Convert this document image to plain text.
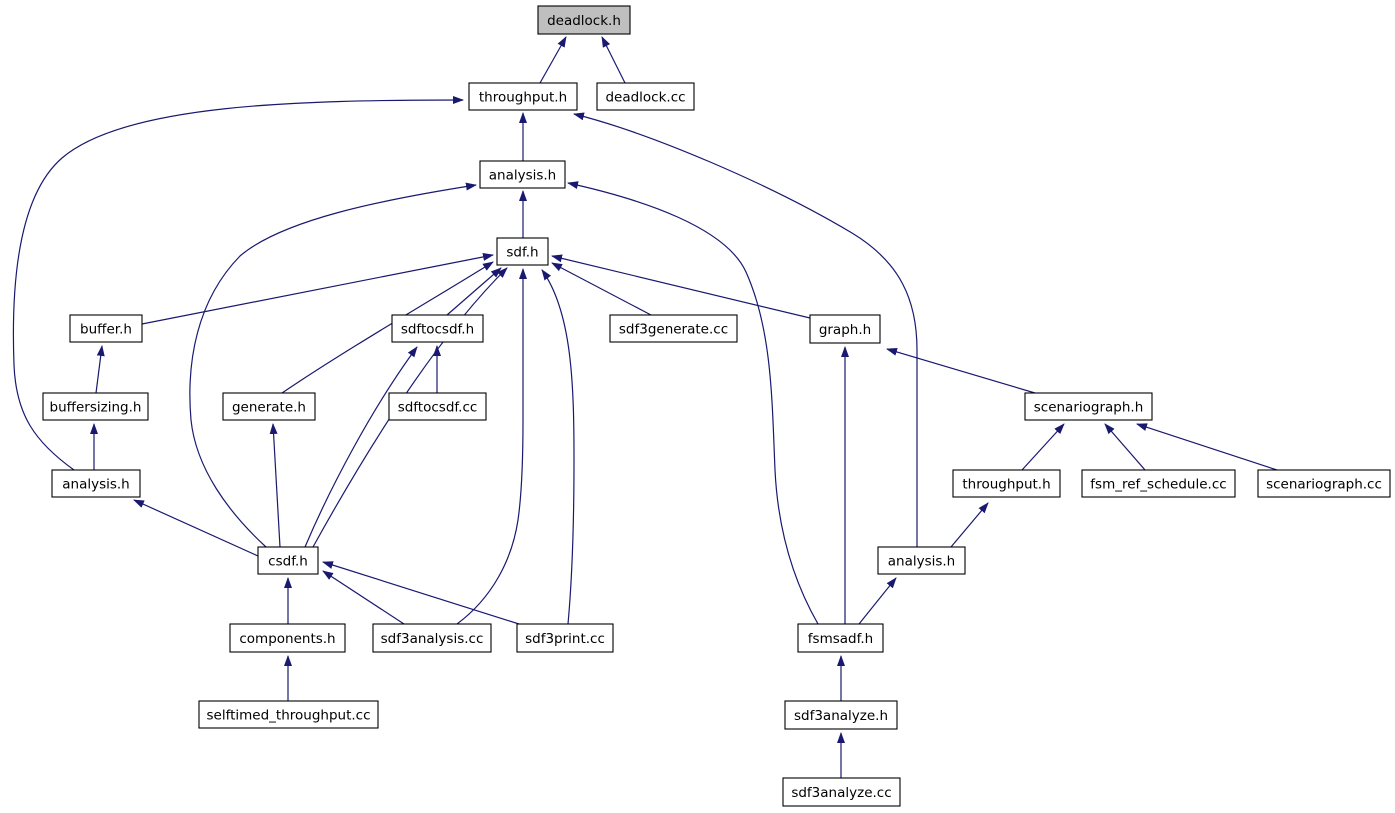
deadlock.h
throughput.h	deadlock.cc
analysis.h
sdf.h
buffer.h	sdftocsdf.h	sdf3generate.cc	graph.h
buffersizing.h	generate.h	sdftocsdf.cc	scenariograph.h
analysis.h	throughput.h	fsm_ref_schedule.cc	scenariograph.cc
csdf.h	analysis.h
components.h	sdf3analysis.cc	sdf3print.cc	fsmsadf.h
selftimed_throughput.cc	sdf3analyze.h
sdf3analyze.cc
